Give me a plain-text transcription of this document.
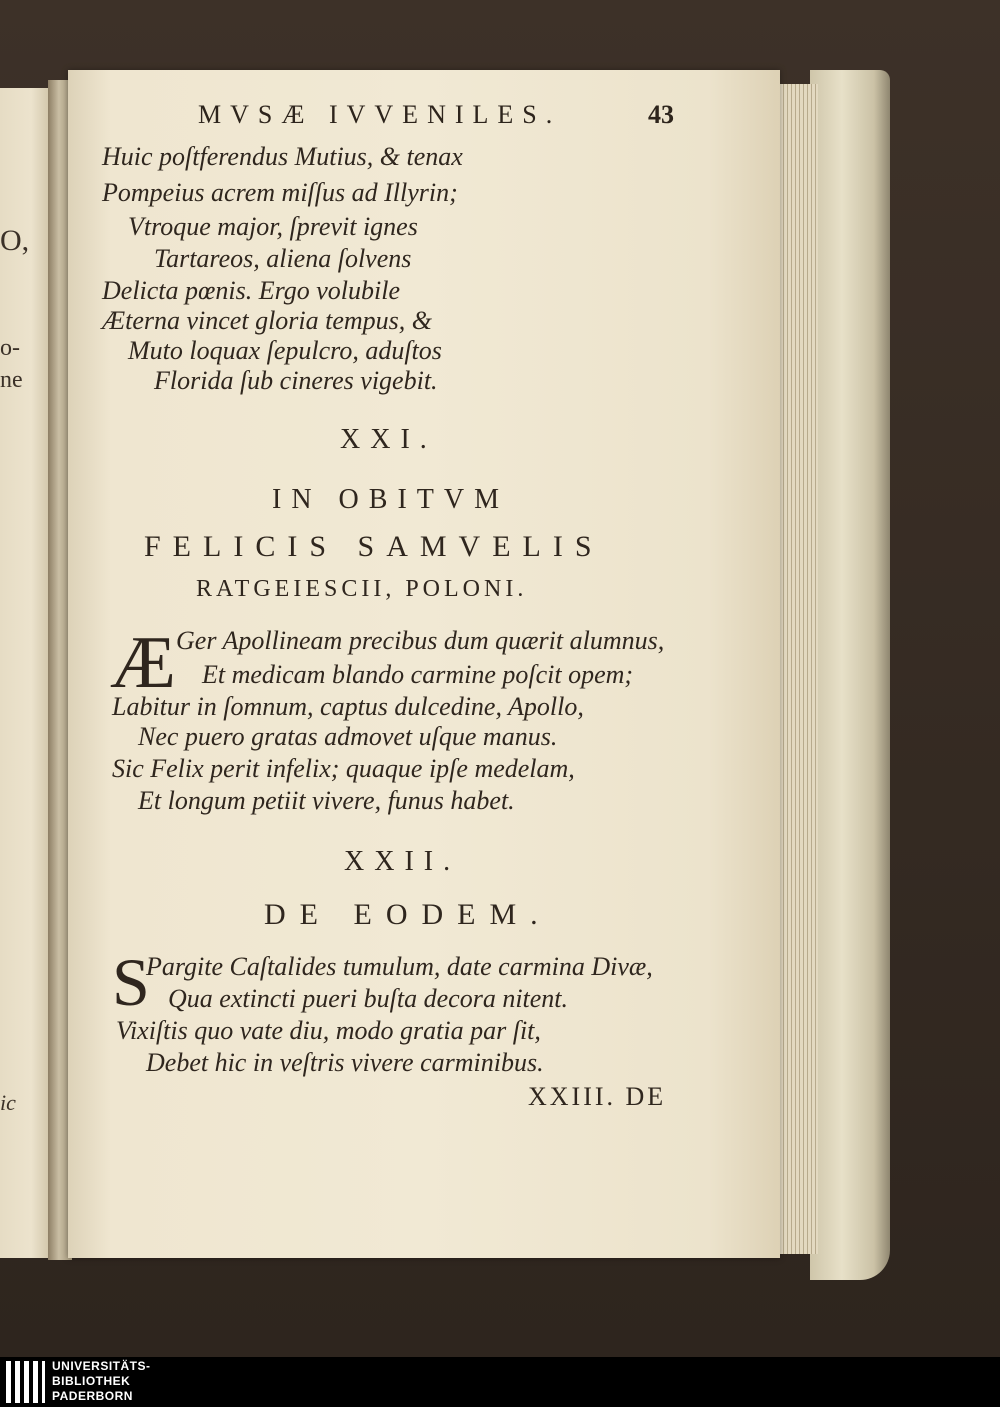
O,
o-
ne
ic
MVSÆ IVVENILES.	43
Huic poſtferendus Mutius, & tenax
Pompeius acrem miſſus ad Illyrin;
Vtroque major, ſprevit ignes
Tartareos, aliena ſolvens
Delicta pœnis. Ergo volubile
Æterna vincet gloria tempus, &
Muto loquax ſepulcro, aduſtos
Florida ſub cineres vigebit.
XXI.
IN OBITVM
FELICIS SAMVELIS
RATGEIESCII, POLONI.
Æ Ger Apollineam precibus dum quærit alumnus,
Et medicam blando carmine poſcit opem;
Labitur in ſomnum, captus dulcedine, Apollo,
Nec puero gratas admovet uſque manus.
Sic Felix perit infelix; quaque ipſe medelam,
Et longum petiit vivere, funus habet.
XXII.
DE EODEM.
S
Pargite Caſtalides tumulum, date carmina Divæ,
Qua extincti pueri buſta decora nitent.
Vixiſtis quo vate diu, modo gratia par ſit,
Debet hic in veſtris vivere carminibus.
XXIII. DE
UNIVERSITÄTS-
BIBLIOTHEK
PADERBORN
